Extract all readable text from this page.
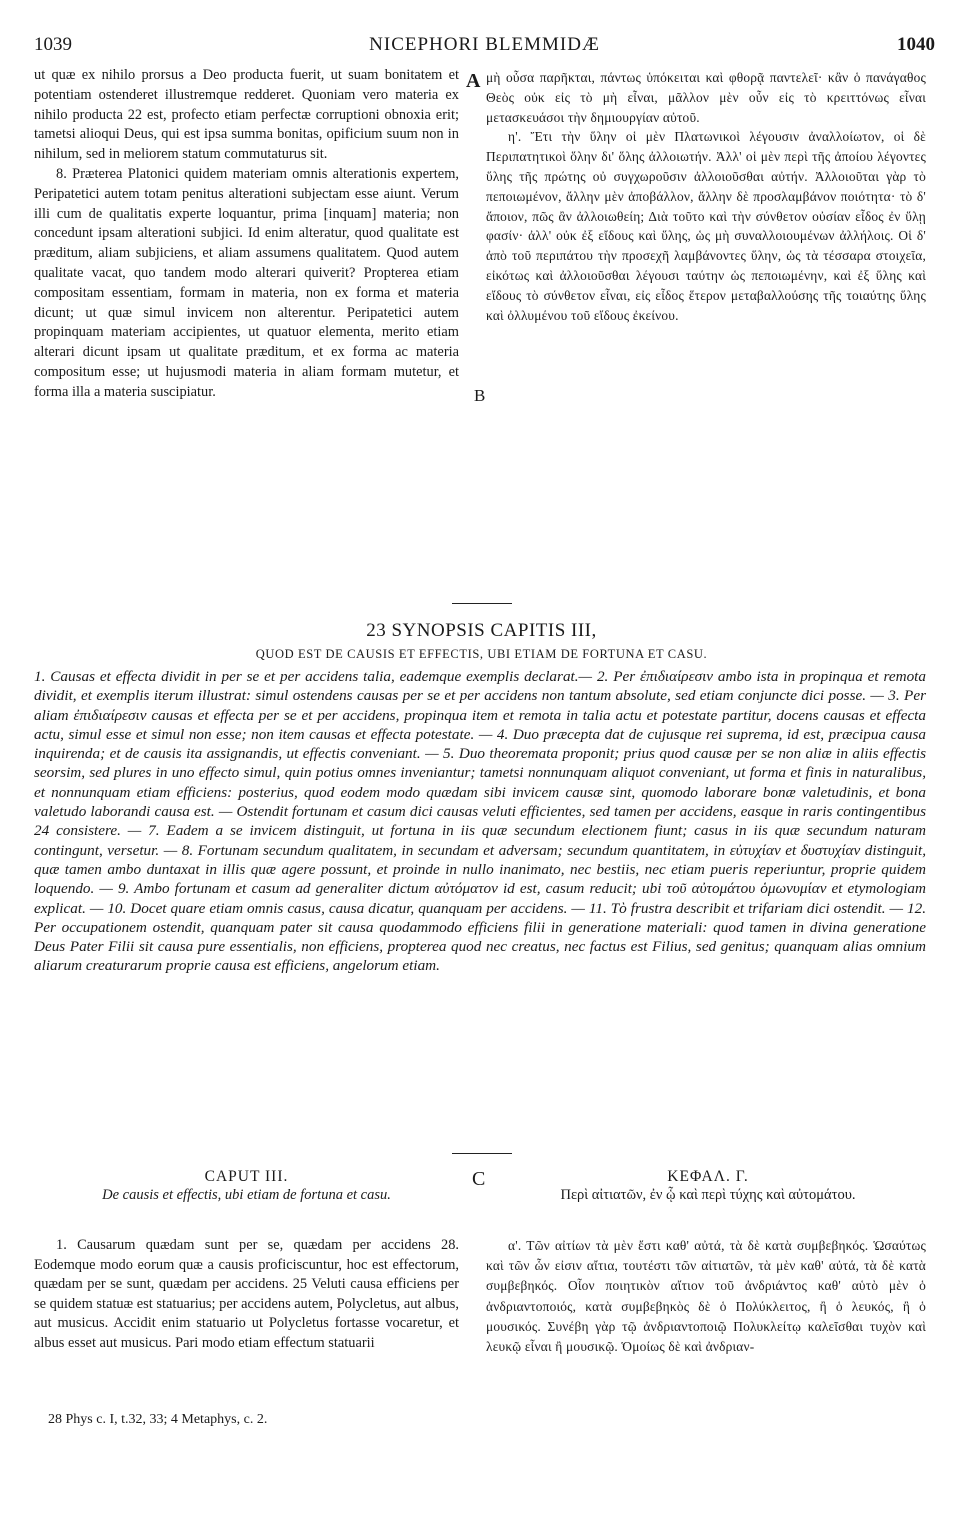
1039	NICEPHORI BLEMMIDÆ	1040

ut quæ ex nihilo prorsus a Deo producta fuerit, ut suam bonitatem et potentiam ostenderet illustremque redderet. Quoniam vero materia ex nihilo producta 22 est, profecto etiam perfectæ corruptioni obnoxia erit; tametsi alioqui Deus, qui est ipsa summa bonitas, opificium suum non in nihilum, sed in meliorem statum commutaturus sit.

8. Præterea Platonici quidem materiam omnis alterationis expertem, Peripatetici autem totam penitus alterationi subjectam esse aiunt. Verum illi cum de qualitatis experte loquantur, prima [inquam] materia; non concedunt ipsam alterationi subjici. Id enim alteratur, quod qualitate est præditum, aliam subjiciens, et aliam assumens qualitatem. Quod autem qualitate vacat, quo tandem modo alterari quiverit? Propterea etiam compositam essentiam, formam in materia, non ex forma et materia dicunt; ut quæ simul invicem non alterentur. Peripatetici autem propinquam materiam accipientes, ut quatuor elementa, merito etiam alterari dicunt ipsam ut qualitate præditum, et ex forma ac materia compositum esse; ut hujusmodi materia in aliam formam mutetur, et forma illa a materia suscipiatur.

A
B

μὴ οὖσα παρῆκται, πάντως ὑπόκειται καὶ φθορᾷ παντελεῖ· κἂν ὁ πανάγαθος Θεὸς οὐκ εἰς τὸ μὴ εἶναι, μᾶλλον μὲν οὖν εἰς τὸ κρειττόνως εἶναι μετασκευάσοι τὴν δημιουργίαν αὐτοῦ.

η'. Ἔτι τὴν ὕλην οἱ μὲν Πλατωνικοὶ λέγουσιν ἀναλλοίωτον, οἱ δὲ Περιπατητικοὶ ὅλην δι' ὅλης ἀλλοιωτήν. Ἀλλ' οἱ μὲν περὶ τῆς ἀποίου λέγοντες ὕλης τῆς πρώτης οὐ συγχωροῦσιν ἀλλοιοῦσθαι αὐτήν. Ἀλλοιοῦται γὰρ τὸ πεποιωμένον, ἄλλην μὲν ἀποβάλλον, ἄλλην δὲ προσλαμβάνον ποιότητα· τὸ δ' ἄποιον, πῶς ἂν ἀλλοιωθείη; Διὰ τοῦτο καὶ τὴν σύνθετον οὐσίαν εἶδος ἐν ὕλῃ φασίν· ἀλλ' οὐκ ἐξ εἴδους καὶ ὕλης, ὡς μὴ συναλλοιουμένων ἀλλήλοις. Οἱ δ' ἀπὸ τοῦ περιπάτου τὴν προσεχῆ λαμβάνοντες ὕλην, ὡς τὰ τέσσαρα στοιχεῖα, εἰκότως καὶ ἀλλοιοῦσθαι λέγουσι ταύτην ὡς πεποιωμένην, καὶ ἐξ ὕλης καὶ εἴδους τὸ σύνθετον εἶναι, εἰς εἶδος ἕτερον μεταβαλλούσης τῆς τοιαύτης ὕλης καὶ ὀλλυμένου τοῦ εἴδους ἐκείνου.

23 SYNOPSIS CAPITIS III,
QUOD EST DE CAUSIS ET EFFECTIS, UBI ETIAM DE FORTUNA ET CASU.
1. Causas et effecta dividit in per se et per accidens talia, eademque exemplis declarat.— 2. Per ἐπιδιαίρεσιν ambo ista in propinqua et remota dividit, et exemplis iterum illustrat: simul ostendens causas per se et per accidens non tantum absolute, sed etiam conjuncte dici posse. — 3. Per aliam ἐπιδιαίρεσιν causas et effecta per se et per accidens, propinqua item et remota in talia actu et potestate partitur, docens causas et effecta actu, simul esse et simul non esse; non item causas et effecta potestate. — 4. Duo præcepta dat de cujusque rei suprema, id est, præcipua causa inquirenda; et de causis ita assignandis, ut effectis conveniant. — 5. Duo theoremata proponit; prius quod causæ per se non aliæ in aliis effectis seorsim, sed plures in uno effecto simul, quin potius omnes inveniantur; tametsi nonnunquam aliquot conveniant, ut forma et finis in naturalibus, et nonnunquam etiam efficiens: posterius, quod eodem modo quædam sibi invicem causæ sint, quomodo laborare bonæ valetudinis, et bona valetudo laborandi causa est. — Ostendit fortunam et casum dici causas veluti efficientes, sed tamen per accidens, easque in raris contingentibus 24 consistere. — 7. Eadem a se invicem distinguit, ut fortuna in iis quæ secundum electionem fiunt; casus in iis quæ secundum naturam contingunt, versetur. — 8. Fortunam secundum qualitatem, in secundam et adversam; secundum quantitatem, in εὐτυχίαν et δυστυχίαν distinguit, quæ tamen ambo duntaxat in illis quæ agere possunt, et proinde in nullo inanimato, nec bestiis, nec etiam pueris reperiuntur, proprie quidem loquendo. — 9. Ambo fortunam et casum ad generaliter dictum αὐτόματον id est, casum reducit; ubi τοῦ αὐτομάτου ὁμωνυμίαν et etymologiam explicat. — 10. Docet quare etiam omnis casus, causa dicatur, quanquam per accidens. — 11. Τὸ frustra describit et trifariam dici ostendit. — 12. Per occupationem ostendit, quanquam pater sit causa quodammodo efficiens filii in generatione materiali: quod tamen in divina generatione Deus Pater Filii sit causa pure essentialis, non efficiens, propterea quod nec creatus, nec factus est Filius, sed genitus; quanquam alias omnium aliarum creaturarum proprie causa est efficiens, angelorum etiam.
CAPUT III.
De causis et effectis, ubi etiam de fortuna et casu.
C	ΚΕΦΑΛ. Γ.
Περὶ αἰτιατῶν, ἐν ᾧ καὶ περὶ τύχης καὶ αὐτομάτου.

1. Causarum quædam sunt per se, quædam per accidens 28. Eodemque modo eorum quæ a causis proficiscuntur, hoc est effectorum, quædam per se sunt, quædam per accidens. 25 Veluti causa efficiens per se quidem statuæ est statuarius; per accidens autem, Polycletus, aut albus, aut musicus. Accidit enim statuario ut Polycletus fortasse vocaretur, et albus esset aut musicus. Pari modo etiam effectum statuarii

α'. Τῶν αἰτίων τὰ μὲν ἔστι καθ' αὐτά, τὰ δὲ κατὰ συμβεβηκός. Ὡσαύτως καὶ τῶν ὧν εἰσιν αἴτια, τουτέστι τῶν αἰτιατῶν, τὰ μὲν καθ' αὐτά, τὰ δὲ κατὰ συμβεβηκός. Οἷον ποιητικὸν αἴτιον τοῦ ἀνδριάντος καθ' αὑτὸ μὲν ὁ ἀνδριαντοποιός, κατὰ συμβεβηκὸς δὲ ὁ Πολύκλειτος, ἢ ὁ λευκός, ἢ ὁ μουσικός. Συνέβη γὰρ τῷ ἀνδριαντοποιῷ Πολυκλείτῳ καλεῖσθαι τυχὸν καὶ λευκῷ εἶναι ἢ μουσικῷ. Ὁμοίως δὲ καὶ ἀνδριαν-

28 Phys c. I, t.32, 33; 4 Metaphys, c. 2.
